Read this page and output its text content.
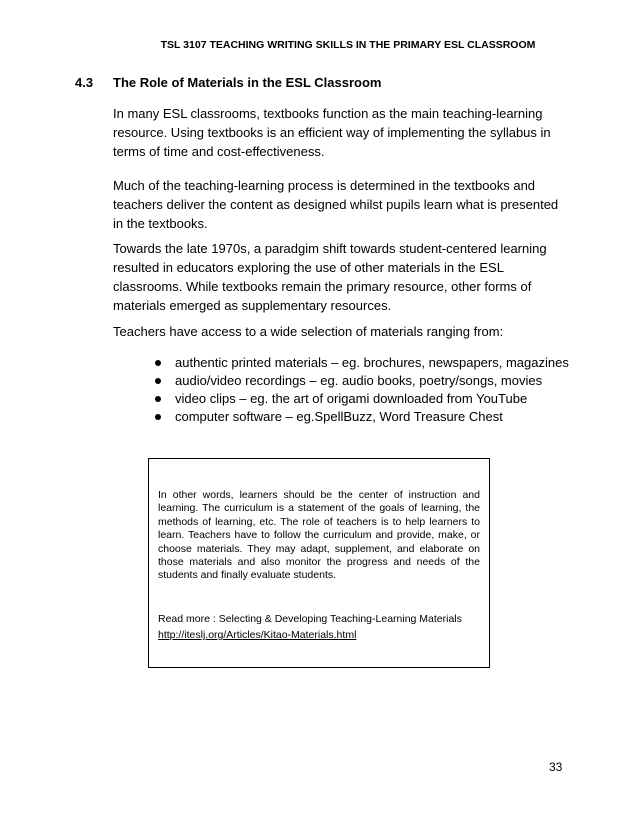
TSL 3107 TEACHING WRITING SKILLS IN THE PRIMARY ESL CLASSROOM
4.3 The Role of Materials in the ESL Classroom
In many ESL classrooms, textbooks function as the main teaching-learning resource. Using textbooks is an efficient way of implementing the syllabus in terms of time and cost-effectiveness.
Much of the teaching-learning process is determined in the textbooks and teachers deliver the content as designed whilst pupils learn what is presented in the textbooks.
Towards the late 1970s, a paradgim shift towards student-centered learning resulted in educators exploring the use of other materials in the ESL classrooms. While textbooks remain the primary resource, other forms of materials emerged as supplementary resources.
Teachers have access to a wide selection of materials ranging from:
authentic printed materials – eg. brochures, newspapers, magazines
audio/video recordings – eg. audio books, poetry/songs, movies
video clips – eg. the art of origami downloaded from YouTube
computer software – eg.SpellBuzz, Word Treasure Chest
In other words, learners should be the center of instruction and learning. The curriculum is a statement of the goals of learning, the methods of learning, etc. The role of teachers is to help learners to learn. Teachers have to follow the curriculum and provide, make, or choose materials. They may adapt, supplement, and elaborate on those materials and also monitor the progress and needs of the students and finally evaluate students.
Read more : Selecting & Developing Teaching-Learning Materials http://iteslj.org/Articles/Kitao-Materials.html
33
